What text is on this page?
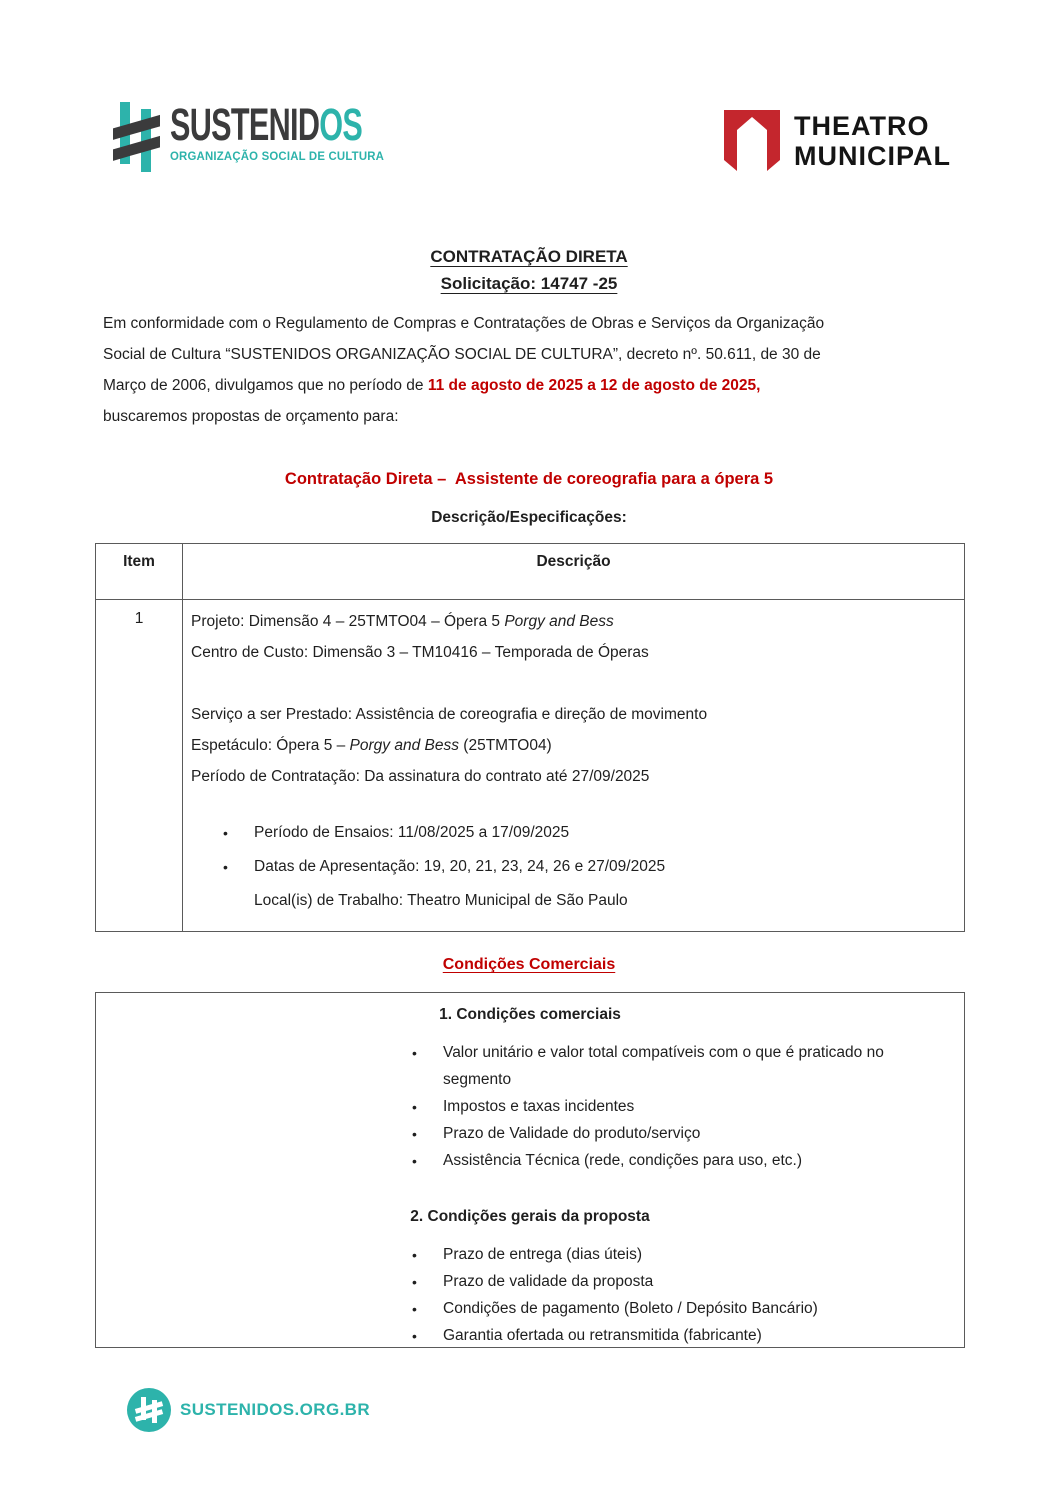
SUSTENIDOS
ORGANIZAÇÃO SOCIAL DE CULTURA
THEATRO
MUNICIPAL
CONTRATAÇÃO DIRETA
Solicitação: 14747 -25
Em conformidade com o Regulamento de Compras e Contratações de Obras e Serviços da Organização
Social de Cultura “SUSTENIDOS ORGANIZAÇÃO SOCIAL DE CULTURA”, decreto nº. 50.611, de 30 de
Março de 2006, divulgamos que no período de 11 de agosto de 2025 a 12 de agosto de 2025,
buscaremos propostas de orçamento para:
Contratação Direta –  Assistente de coreografia para a ópera 5
Descrição/Especificações:
Item	Descrição
1	Projeto: Dimensão 4 – 25TMTO04 – Ópera 5 Porgy and Bess
Centro de Custo: Dimensão 3 – TM10416 – Temporada de Óperas

Serviço a ser Prestado: Assistência de coreografia e direção de movimento
Espetáculo: Ópera 5 – Porgy and Bess (25TMTO04)
Período de Contratação: Da assinatura do contrato até 27/09/2025
• Período de Ensaios: 11/08/2025 a 17/09/2025
• Datas de Apresentação: 19, 20, 21, 23, 24, 26 e 27/09/2025
Local(is) de Trabalho: Theatro Municipal de São Paulo
Condições Comerciais
1. Condições comerciais
• Valor unitário e valor total compatíveis com o que é praticado no segmento
• Impostos e taxas incidentes
• Prazo de Validade do produto/serviço
• Assistência Técnica (rede, condições para uso, etc.)
2. Condições gerais da proposta
• Prazo de entrega (dias úteis)
• Prazo de validade da proposta
• Condições de pagamento (Boleto / Depósito Bancário)
• Garantia ofertada ou retransmitida (fabricante)
SUSTENIDOS.ORG.BR
